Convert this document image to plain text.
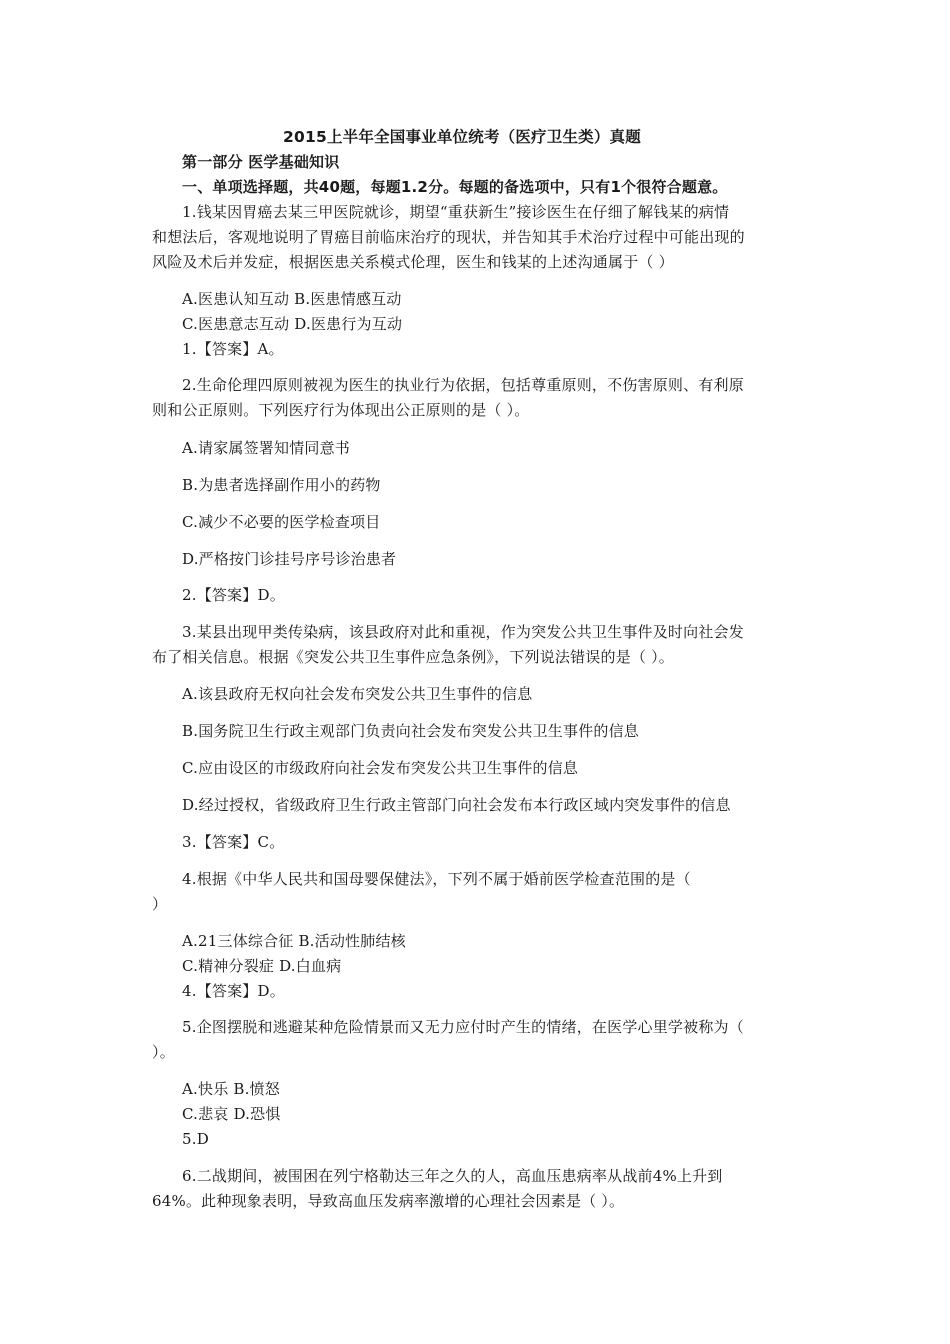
2015上半年全国事业单位统考（医疗卫生类）真题
第一部分 医学基础知识
一、单项选择题，共40题，每题1.2分。每题的备选项中，只有1个很符合题意。
1.钱某因胃癌去某三甲医院就诊，期望“重获新生”接诊医生在仔细了解钱某的病情
和想法后，客观地说明了胃癌目前临床治疗的现状，并告知其手术治疗过程中可能出现的
风险及术后并发症，根据医患关系模式伦理，医生和钱某的上述沟通属于（ ）
A.医患认知互动 B.医患情感互动
C.医患意志互动 D.医患行为互动
1.【答案】A。
2.生命伦理四原则被视为医生的执业行为依据，包括尊重原则，不伤害原则、有利原
则和公正原则。下列医疗行为体现出公正原则的是（ ）。
A.请家属签署知情同意书
B.为患者选择副作用小的药物
C.减少不必要的医学检查项目
D.严格按门诊挂号序号诊治患者
2.【答案】D。
3.某县出现甲类传染病，该县政府对此和重视，作为突发公共卫生事件及时向社会发
布了相关信息。根据《突发公共卫生事件应急条例》，下列说法错误的是（ ）。
A.该县政府无权向社会发布突发公共卫生事件的信息
B.国务院卫生行政主观部门负责向社会发布突发公共卫生事件的信息
C.应由设区的市级政府向社会发布突发公共卫生事件的信息
D.经过授权，省级政府卫生行政主管部门向社会发布本行政区域内突发事件的信息
3.【答案】C。
4.根据《中华人民共和国母婴保健法》，下列不属于婚前医学检查范围的是（
）
A.21三体综合征 B.活动性肺结核
C.精神分裂症 D.白血病
4.【答案】D。
5.企图摆脱和逃避某种危险情景而又无力应付时产生的情绪，在医学心里学被称为（
）。
A.快乐 B.愤怒
C.悲哀 D.恐惧
5.D
6.二战期间，被围困在列宁格勒达三年之久的人，高血压患病率从战前4%上升到
64%。此种现象表明，导致高血压发病率激增的心理社会因素是（ ）。
